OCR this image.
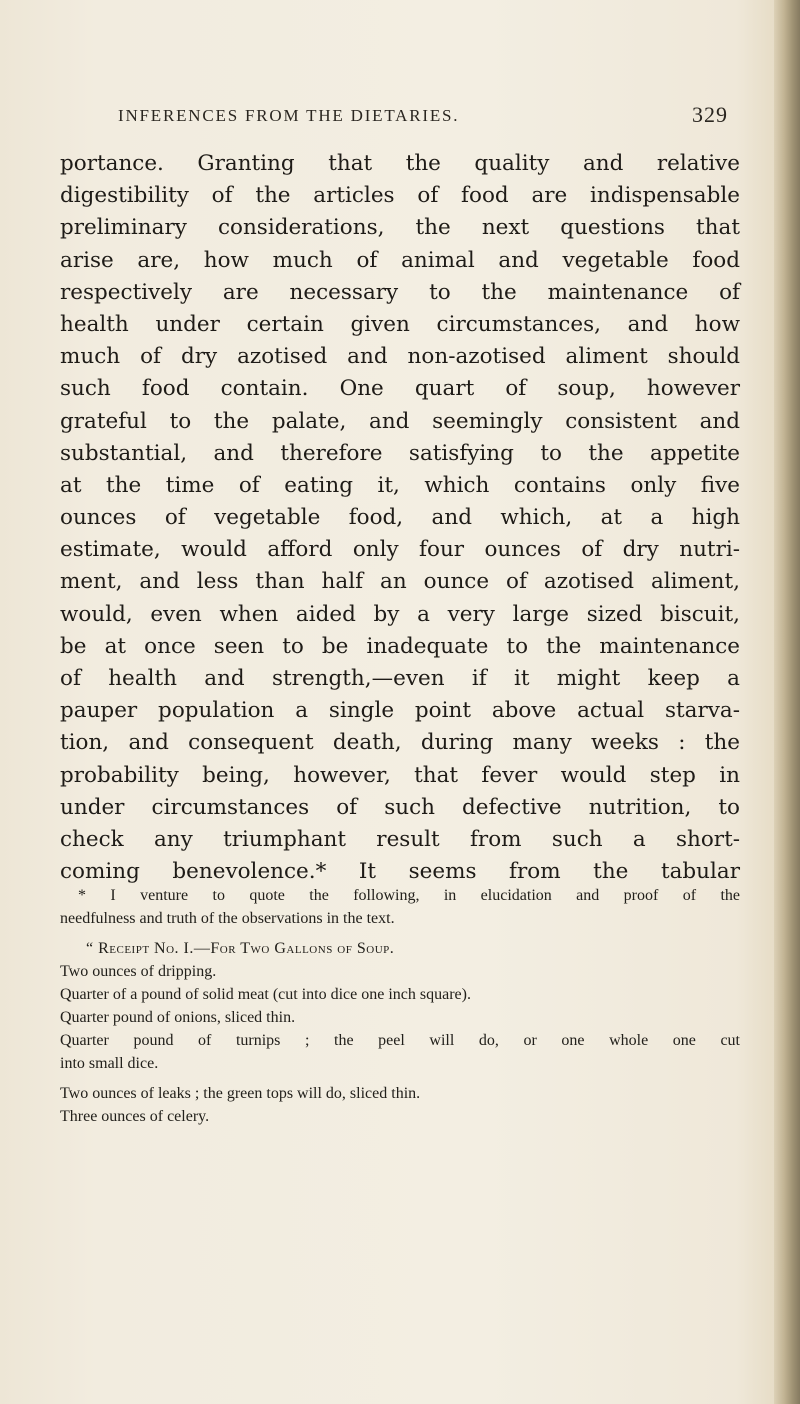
INFERENCES FROM THE DIETARIES.	329
portance. Granting that the quality and relative
digestibility of the articles of food are indispensable
preliminary considerations, the next questions that
arise are, how much of animal and vegetable food
respectively are necessary to the maintenance of
health under certain given circumstances, and how
much of dry azotised and non-azotised aliment should
such food contain. One quart of soup, however
grateful to the palate, and seemingly consistent and
substantial, and therefore satisfying to the appetite
at the time of eating it, which contains only five
ounces of vegetable food, and which, at a high
estimate, would afford only four ounces of dry nutri-
ment, and less than half an ounce of azotised aliment,
would, even when aided by a very large sized biscuit,
be at once seen to be inadequate to the maintenance
of health and strength,—even if it might keep a
pauper population a single point above actual starva-
tion, and consequent death, during many weeks : the
probability being, however, that fever would step in
under circumstances of such defective nutrition, to
check any triumphant result from such a short-
coming benevolence.* It seems from the tabular
* I venture to quote the following, in elucidation and proof of the
needfulness and truth of the observations in the text.
“ Receipt No. I.—For Two Gallons of Soup.
Two ounces of dripping.
Quarter of a pound of solid meat (cut into dice one inch square).
Quarter pound of onions, sliced thin.
Quarter pound of turnips ; the peel will do, or one whole one cut
into small dice.
Two ounces of leaks ; the green tops will do, sliced thin.
Three ounces of celery.
